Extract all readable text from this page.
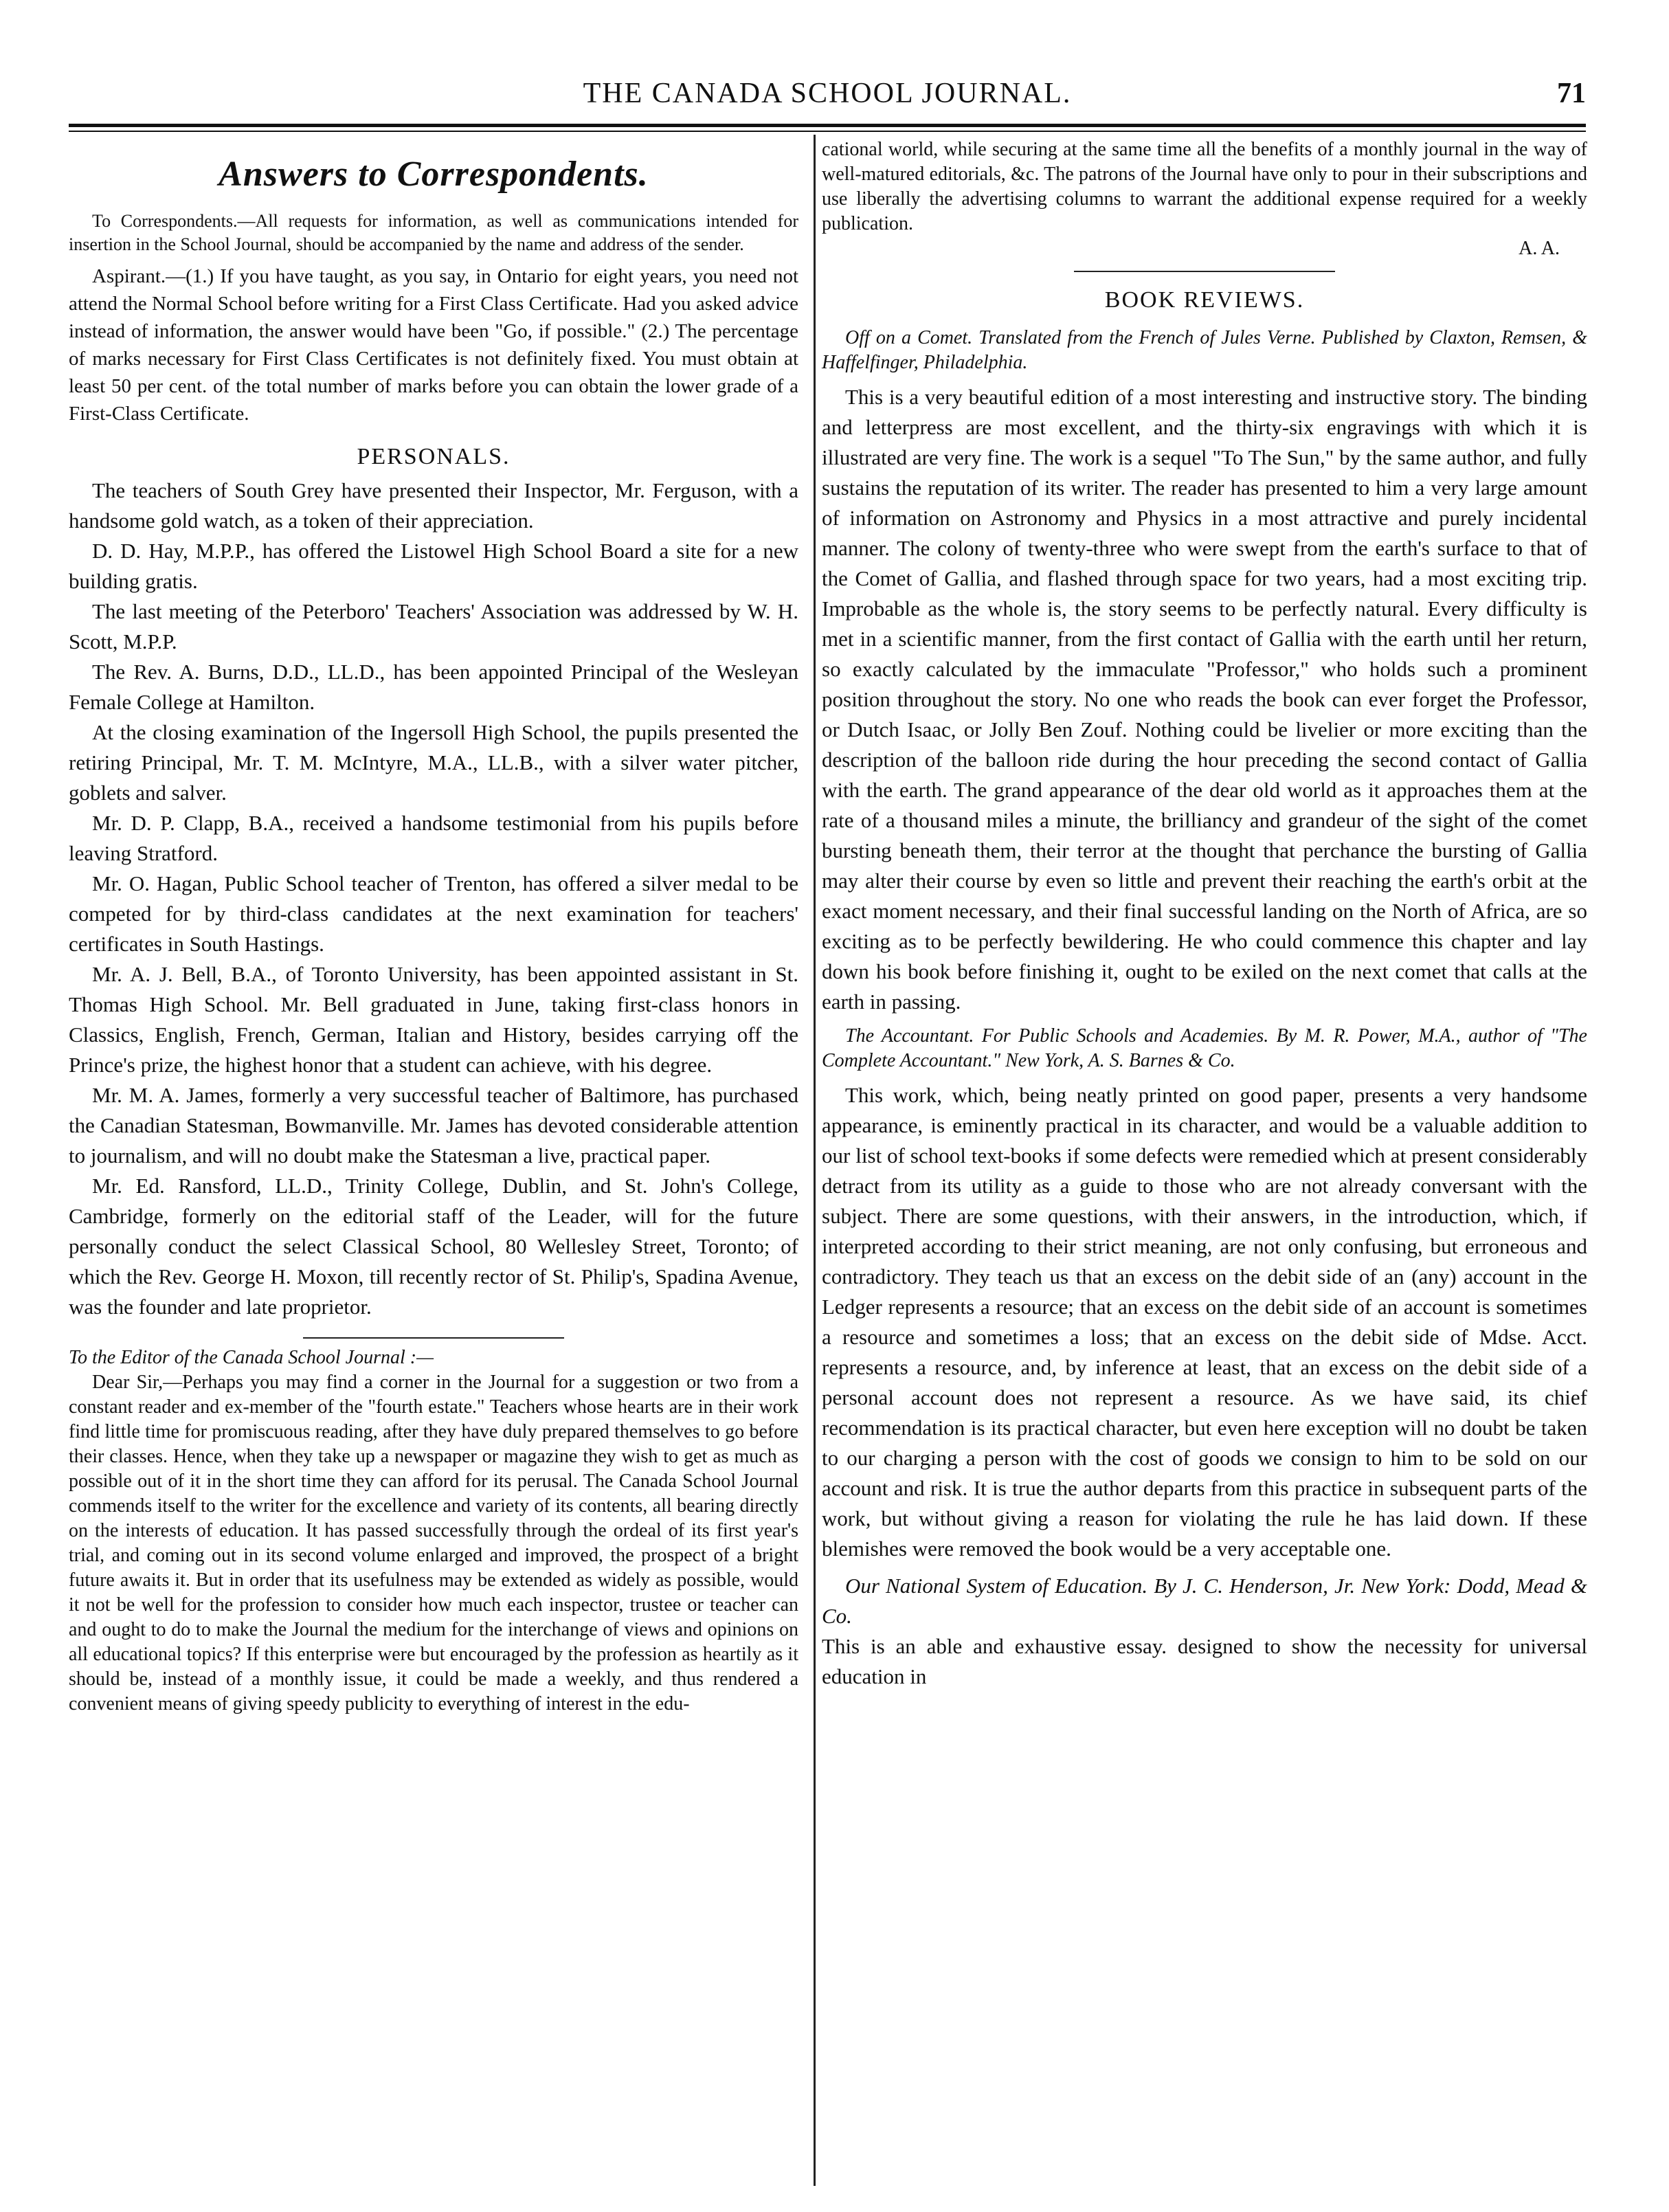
THE CANADA SCHOOL JOURNAL.	71
Answers to Correspondents.

To Correspondents.—All requests for information, as well as communications intended for insertion in the School Journal, should be accompanied by the name and address of the sender.

Aspirant.—(1.) If you have taught, as you say, in Ontario for eight years, you need not attend the Normal School before writing for a First Class Certificate. Had you asked advice instead of information, the answer would have been "Go, if possible." (2.) The percentage of marks necessary for First Class Certificates is not definitely fixed. You must obtain at least 50 per cent. of the total number of marks before you can obtain the lower grade of a First-Class Certificate.

PERSONALS.

The teachers of South Grey have presented their Inspector, Mr. Ferguson, with a handsome gold watch, as a token of their appreciation.

D. D. Hay, M.P.P., has offered the Listowel High School Board a site for a new building gratis.

The last meeting of the Peterboro' Teachers' Association was addressed by W. H. Scott, M.P.P.

The Rev. A. Burns, D.D., LL.D., has been appointed Principal of the Wesleyan Female College at Hamilton.

At the closing examination of the Ingersoll High School, the pupils presented the retiring Principal, Mr. T. M. McIntyre, M.A., LL.B., with a silver water pitcher, goblets and salver.

Mr. D. P. Clapp, B.A., received a handsome testimonial from his pupils before leaving Stratford.

Mr. O. Hagan, Public School teacher of Trenton, has offered a silver medal to be competed for by third-class candidates at the next examination for teachers' certificates in South Hastings.

Mr. A. J. Bell, B.A., of Toronto University, has been appointed assistant in St. Thomas High School. Mr. Bell graduated in June, taking first-class honors in Classics, English, French, German, Italian and History, besides carrying off the Prince's prize, the highest honor that a student can achieve, with his degree.

Mr. M. A. James, formerly a very successful teacher of Baltimore, has purchased the Canadian Statesman, Bowmanville. Mr. James has devoted considerable attention to journalism, and will no doubt make the Statesman a live, practical paper.

Mr. Ed. Ransford, LL.D., Trinity College, Dublin, and St. John's College, Cambridge, formerly on the editorial staff of the Leader, will for the future personally conduct the select Classical School, 80 Wellesley Street, Toronto; of which the Rev. George H. Moxon, till recently rector of St. Philip's, Spadina Avenue, was the founder and late proprietor.

To the Editor of the Canada School Journal :—

Dear Sir,—Perhaps you may find a corner in the Journal for a suggestion or two from a constant reader and ex-member of the "fourth estate." Teachers whose hearts are in their work find little time for promiscuous reading, after they have duly prepared themselves to go before their classes. Hence, when they take up a newspaper or magazine they wish to get as much as possible out of it in the short time they can afford for its perusal. The Canada School Journal commends itself to the writer for the excellence and variety of its contents, all bearing directly on the interests of education. It has passed successfully through the ordeal of its first year's trial, and coming out in its second volume enlarged and improved, the prospect of a bright future awaits it. But in order that its usefulness may be extended as widely as possible, would it not be well for the profession to consider how much each inspector, trustee or teacher can and ought to do to make the Journal the medium for the interchange of views and opinions on all educational topics? If this enterprise were but encouraged by the profession as heartily as it should be, instead of a monthly issue, it could be made a weekly, and thus rendered a convenient means of giving speedy publicity to everything of interest in the edu-

cational world, while securing at the same time all the benefits of a monthly journal in the way of well-matured editorials, &c. The patrons of the Journal have only to pour in their subscriptions and use liberally the advertising columns to warrant the additional expense required for a weekly publication.

A. A.

BOOK REVIEWS.

Off on a Comet. Translated from the French of Jules Verne. Published by Claxton, Remsen, & Haffelfinger, Philadelphia.

This is a very beautiful edition of a most interesting and instructive story. The binding and letterpress are most excellent, and the thirty-six engravings with which it is illustrated are very fine. The work is a sequel "To The Sun," by the same author, and fully sustains the reputation of its writer. The reader has presented to him a very large amount of information on Astronomy and Physics in a most attractive and purely incidental manner. The colony of twenty-three who were swept from the earth's surface to that of the Comet of Gallia, and flashed through space for two years, had a most exciting trip. Improbable as the whole is, the story seems to be perfectly natural. Every difficulty is met in a scientific manner, from the first contact of Gallia with the earth until her return, so exactly calculated by the immaculate "Professor," who holds such a prominent position throughout the story. No one who reads the book can ever forget the Professor, or Dutch Isaac, or Jolly Ben Zouf. Nothing could be livelier or more exciting than the description of the balloon ride during the hour preceding the second contact of Gallia with the earth. The grand appearance of the dear old world as it approaches them at the rate of a thousand miles a minute, the brilliancy and grandeur of the sight of the comet bursting beneath them, their terror at the thought that perchance the bursting of Gallia may alter their course by even so little and prevent their reaching the earth's orbit at the exact moment necessary, and their final successful landing on the North of Africa, are so exciting as to be perfectly bewildering. He who could commence this chapter and lay down his book before finishing it, ought to be exiled on the next comet that calls at the earth in passing.

The Accountant. For Public Schools and Academies. By M. R. Power, M.A., author of "The Complete Accountant." New York, A. S. Barnes & Co.

This work, which, being neatly printed on good paper, presents a very handsome appearance, is eminently practical in its character, and would be a valuable addition to our list of school text-books if some defects were remedied which at present considerably detract from its utility as a guide to those who are not already conversant with the subject. There are some questions, with their answers, in the introduction, which, if interpreted according to their strict meaning, are not only confusing, but erroneous and contradictory. They teach us that an excess on the debit side of an (any) account in the Ledger represents a resource; that an excess on the debit side of an account is sometimes a resource and sometimes a loss; that an excess on the debit side of Mdse. Acct. represents a resource, and, by inference at least, that an excess on the debit side of a personal account does not represent a resource. As we have said, its chief recommendation is its practical character, but even here exception will no doubt be taken to our charging a person with the cost of goods we consign to him to be sold on our account and risk. It is true the author departs from this practice in subsequent parts of the work, but without giving a reason for violating the rule he has laid down. If these blemishes were removed the book would be a very acceptable one.

Our National System of Education. By J. C. Henderson, Jr. New York: Dodd, Mead & Co.

This is an able and exhaustive essay. designed to show the necessity for universal education in
